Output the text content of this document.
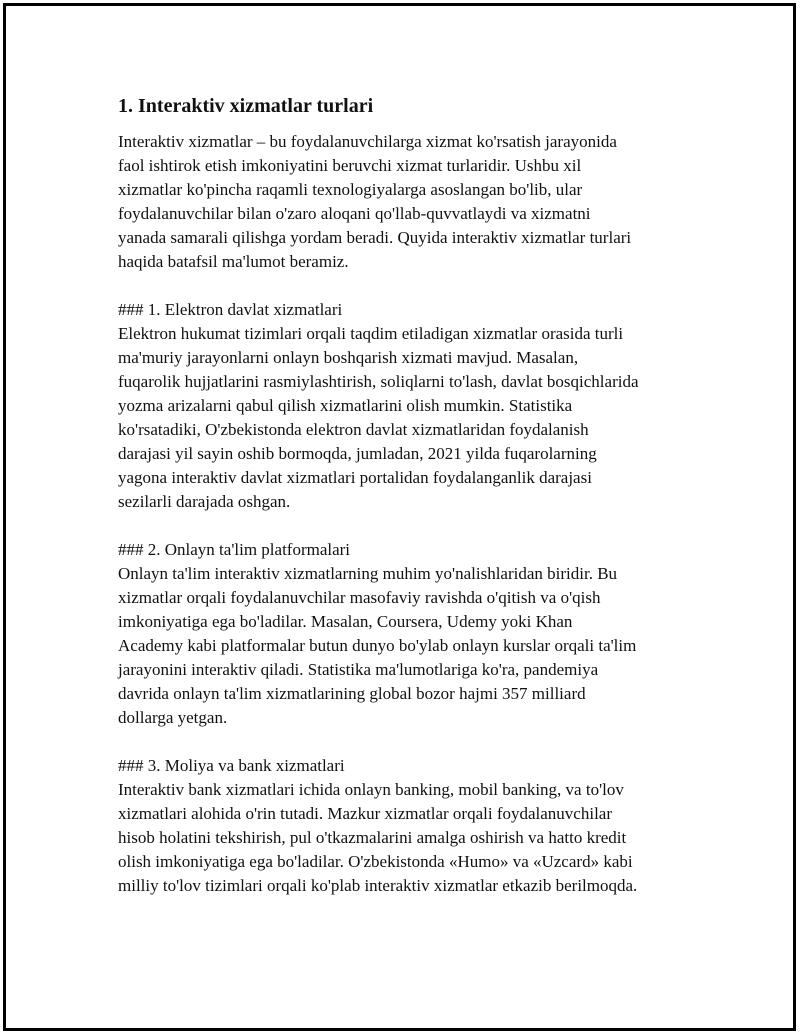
1. Interaktiv xizmatlar turlari

Interaktiv xizmatlar – bu foydalanuvchilarga xizmat ko'rsatish jarayonida
faol ishtirok etish imkoniyatini beruvchi xizmat turlaridir. Ushbu xil
xizmatlar ko'pincha raqamli texnologiyalarga asoslangan bo'lib, ular
foydalanuvchilar bilan o'zaro aloqani qo'llab-quvvatlaydi va xizmatni
yanada samarali qilishga yordam beradi. Quyida interaktiv xizmatlar turlari
haqida batafsil ma'lumot beramiz.

### 1. Elektron davlat xizmatlari

Elektron hukumat tizimlari orqali taqdim etiladigan xizmatlar orasida turli
ma'muriy jarayonlarni onlayn boshqarish xizmati mavjud. Masalan,
fuqarolik hujjatlarini rasmiylashtirish, soliqlarni to'lash, davlat bosqichlarida
yozma arizalarni qabul qilish xizmatlarini olish mumkin. Statistika
ko'rsatadiki, O'zbekistonda elektron davlat xizmatlaridan foydalanish
darajasi yil sayin oshib bormoqda, jumladan, 2021 yilda fuqarolarning
yagona interaktiv davlat xizmatlari portalidan foydalanganlik darajasi
sezilarli darajada oshgan.

### 2. Onlayn ta'lim platformalari

Onlayn ta'lim interaktiv xizmatlarning muhim yo'nalishlaridan biridir. Bu
xizmatlar orqali foydalanuvchilar masofaviy ravishda o'qitish va o'qish
imkoniyatiga ega bo'ladilar. Masalan, Coursera, Udemy yoki Khan
Academy kabi platformalar butun dunyo bo'ylab onlayn kurslar orqali ta'lim
jarayonini interaktiv qiladi. Statistika ma'lumotlariga ko'ra, pandemiya
davrida onlayn ta'lim xizmatlarining global bozor hajmi 357 milliard
dollarga yetgan.

### 3. Moliya va bank xizmatlari

Interaktiv bank xizmatlari ichida onlayn banking, mobil banking, va to'lov
xizmatlari alohida o'rin tutadi. Mazkur xizmatlar orqali foydalanuvchilar
hisob holatini tekshirish, pul o'tkazmalarini amalga oshirish va hatto kredit
olish imkoniyatiga ega bo'ladilar. O'zbekistonda «Humo» va «Uzcard» kabi
milliy to'lov tizimlari orqali ko'plab interaktiv xizmatlar etkazib berilmoqda.
